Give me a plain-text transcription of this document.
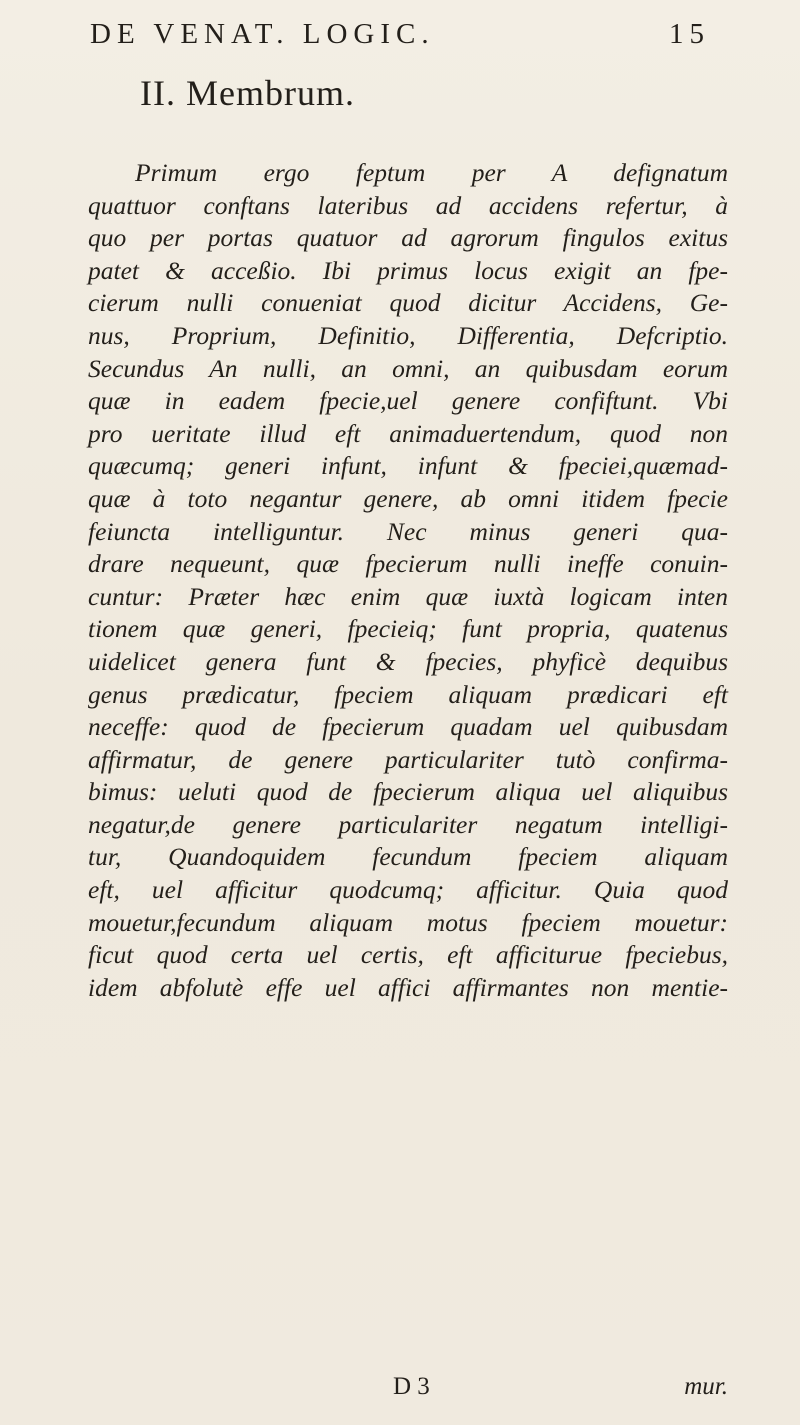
DE VENAT. LOGIC.	15
II. Membrum.
Primum ergo feptum per A defignatum
quattuor conftans lateribus ad accidens refertur, à
quo per portas quatuor ad agrorum fingulos exitus
patet & acceßio. Ibi primus locus exigit an fpe-
cierum nulli conueniat quod dicitur Accidens, Ge-
nus, Proprium, Definitio, Differentia, Defcriptio.
Secundus An nulli, an omni, an quibusdam eorum
quæ in eadem fpecie,uel genere confiftunt. Vbi
pro ueritate illud eft animaduertendum, quod non
quæcumq; generi infunt, infunt & fpeciei,quæmad-
quæ à toto negantur genere, ab omni itidem fpecie
feiuncta intelliguntur. Nec minus generi qua-
drare nequeunt, quæ fpecierum nulli ineffe conuin-
cuntur: Præter hæc enim quæ iuxtà logicam inten
tionem quæ generi, fpecieiq; funt propria, quatenus
uidelicet genera funt & fpecies, phyficè dequibus
genus prædicatur, fpeciem aliquam prædicari eft
neceffe: quod de fpecierum quadam uel quibusdam
affirmatur, de genere particulariter tutò confirma-
bimus: ueluti quod de fpecierum aliqua uel aliquibus
negatur,de genere particulariter negatum intelligi-
tur, Quandoquidem fecundum fpeciem aliquam
eft, uel afficitur quodcumq; afficitur. Quia quod
mouetur,fecundum aliquam motus fpeciem mouetur:
ficut quod certa uel certis, eft afficiturue fpeciebus,
idem abfolutè effe uel affici affirmantes non mentie-
D 3	mur.
